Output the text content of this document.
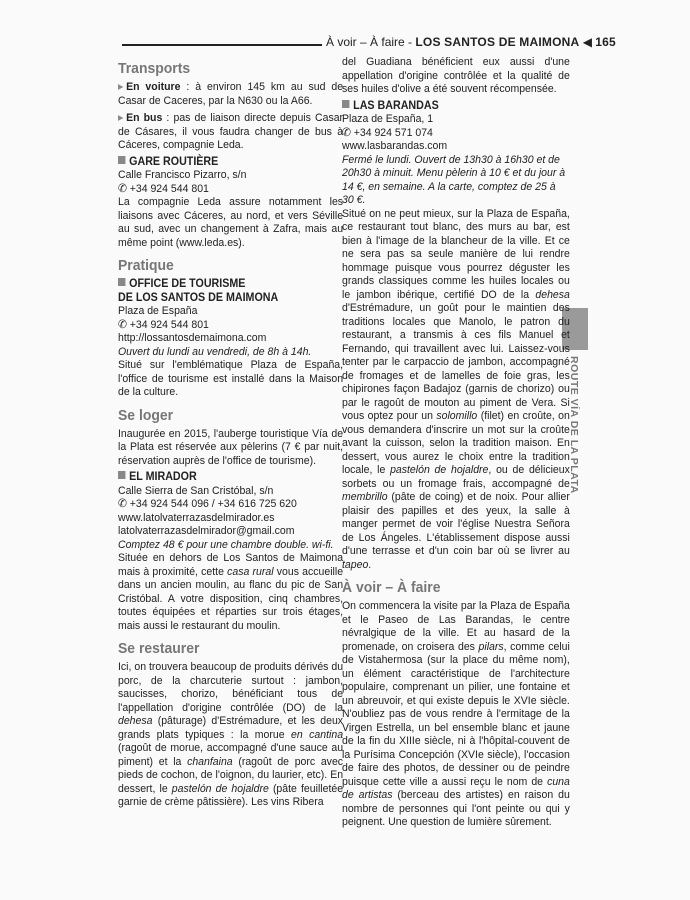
À voir – À faire - LOS SANTOS DE MAIMONA ◀ 165
ROUTE VÍA DE LA PLATA
Transports

▸ En voiture : à environ 145 km au sud de Casar de Caceres, par la N630 ou la A66.

▸ En bus : pas de liaison directe depuis Casar de Cásares, il vous faudra changer de bus à Cáceres, compagnie Leda.

GARE ROUTIÈRE

Calle Francisco Pizarro, s/n

✆ +34 924 544 801

La compagnie Leda assure notamment les liaisons avec Cáceres, au nord, et vers Séville au sud, avec un changement à Zafra, mais au même point (www.leda.es).

Pratique
OFFICE DE TOURISME
DE LOS SANTOS DE MAIMONA

Plaza de España

✆ +34 924 544 801

http://lossantosdemaimona.com

Ouvert du lundi au vendredi, de 8h à 14h.

Situé sur l'emblématique Plaza de España, l'office de tourisme est installé dans la Maison de la culture.

Se loger

Inaugurée en 2015, l'auberge touristique Vía de la Plata est réservée aux pèlerins (7 € par nuit, réservation auprès de l'office de tourisme).

EL MIRADOR

Calle Sierra de San Cristóbal, s/n

✆ +34 924 544 096 / +34 616 725 620

www.latolvaterrazasdelmirador.es

latolvaterrazasdelmirador@gmail.com

Comptez 48 € pour une chambre double. wi-fi.

Située en dehors de Los Santos de Maimona mais à proximité, cette casa rural vous accueille dans un ancien moulin, au flanc du pic de San Cristóbal. A votre disposition, cinq chambres, toutes équipées et réparties sur trois étages, mais aussi le restaurant du moulin.

Se restaurer

Ici, on trouvera beaucoup de produits dérivés du porc, de la charcuterie surtout : jambon, saucisses, chorizo, bénéficiant tous de l'appellation d'origine contrôlée (DO) de la dehesa (pâturage) d'Estrémadure, et les deux grands plats typiques : la morue en cantina (ragoût de morue, accompagné d'une sauce au piment) et la chanfaina (ragoût de porc avec pieds de cochon, de l'oignon, du laurier, etc). En dessert, le pastelón de hojaldre (pâte feuilletée garnie de crème pâtissière). Les vins Ribera

del Guadiana bénéficient eux aussi d'une appellation d'origine contrôlée et la qualité de ses huiles d'olive a été souvent récompensée.

LAS BARANDAS

Plaza de España, 1

✆ +34 924 571 074

www.lasbarandas.com

Fermé le lundi. Ouvert de 13h30 à 16h30 et de 20h30 à minuit. Menu pèlerin à 10 € et du jour à 14 €, en semaine. A la carte, comptez de 25 à 30 €.

Situé on ne peut mieux, sur la Plaza de España, ce restaurant tout blanc, des murs au bar, est bien à l'image de la blancheur de la ville. Et ce ne sera pas sa seule manière de lui rendre hommage puisque vous pourrez déguster les grands classiques comme les huiles locales ou le jambon ibérique, certifié DO de la dehesa d'Estrémadure, un goût pour le maintien des traditions locales que Manolo, le patron du restaurant, a transmis à ces fils Manuel et Fernando, qui travaillent avec lui. Laissez-vous tenter par le carpaccio de jambon, accompagné de fromages et de lamelles de foie gras, les chipirones façon Badajoz (garnis de chorizo) ou par le ragoût de mouton au piment de Vera. Si vous optez pour un solomillo (filet) en croûte, on vous demandera d'inscrire un mot sur la croûte avant la cuisson, selon la tradition maison. En dessert, vous aurez le choix entre la tradition locale, le pastelón de hojaldre, ou de délicieux sorbets ou un fromage frais, accompagné de membrillo (pâte de coing) et de noix. Pour allier plaisir des papilles et des yeux, la salle à manger permet de voir l'église Nuestra Señora de Los Ángeles. L'établissement dispose aussi d'une terrasse et d'un coin bar où se livrer au tapeo.

À voir – À faire

On commencera la visite par la Plaza de España et le Paseo de Las Barandas, le centre névralgique de la ville. Et au hasard de la promenade, on croisera des pilars, comme celui de Vistahermosa (sur la place du même nom), un élément caractéristique de l'architecture populaire, comprenant un pilier, une fontaine et un abreuvoir, et qui existe depuis le XVIe siècle. N'oubliez pas de vous rendre à l'ermitage de la Virgen Estrella, un bel ensemble blanc et jaune de la fin du XIIIe siècle, ni à l'hôpital-couvent de la Purísima Concepción (XVIe siècle), l'occasion de faire des photos, de dessiner ou de peindre puisque cette ville a aussi reçu le nom de cuna de artistas (berceau des artistes) en raison du nombre de personnes qui l'ont peinte ou qui y peignent. Une question de lumière sûrement.
